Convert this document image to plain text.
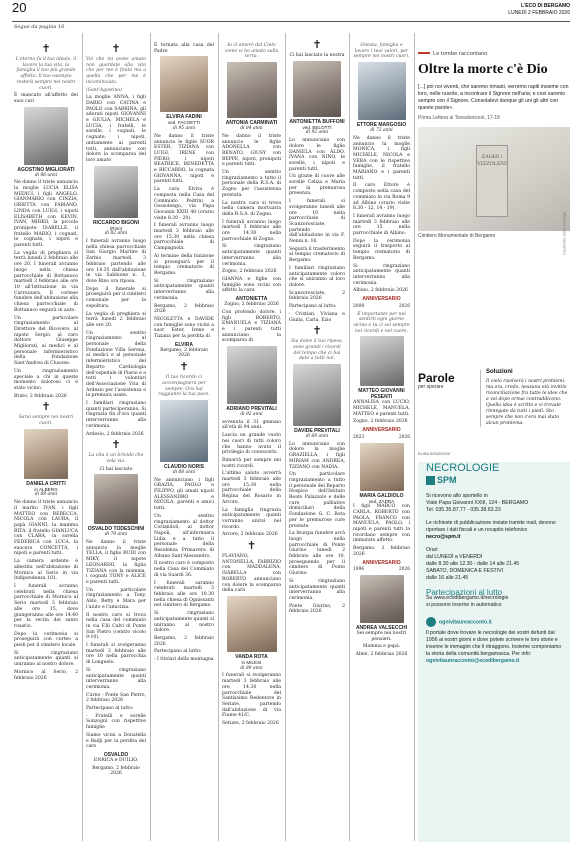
20	L'ECO DI BERGAMO
LUNEDÌ 2 FEBBRAIO 2026
Segue da pagina 16
✝

L'eterno fu il tuo ideale, il lavoro la tua vita, la famiglia il tuo più grande affetto. Il tuo esempio resterà sempre nei nostri cuori.

È mancato all'affetto dei suoi cari

AGOSTINO MIGLIORATI
di 86 anni

Ne danno il triste annuncio la moglie LUCIA ELISA MEDICI, i figli ANGELO, GIANMARIO con CINZIA, ORIETTA con FABIANO, LINDA con LUIGI, i nipoti ELISABETH con KEVIN, IVAN, MIRKO, la piccola pronipote ISABELLE, il fratello MARIO, i cognati, le cognate, i nipoti e parenti tutti.

La veglia di preghiera si terrà lunedì 2 febbraio alle ore 20. I funerali avranno luogo nella chiesa parrocchiale di Bottanuco martedì 3 febbraio alle ore 10 all'Istituzione in via Carrozzara. Il cortese funebre dell'abitazione alla chiesa parrocchiale di Bottanuco seguirà in auto.

Un particolare ringraziamento al Direttore del Ricovero, al nipote Sergio, al caro dottore Giuseppe Migliorati, ai medici e al personale infermieristico della Fondazione Sant'Andrea di Clusone.

Un ringraziamento speciale a chi in queste momento doloroso ci è stato vicino.

Brato, 2 febbraio 2026

✝

Sarai sempre nei nostri cuori.

DANIELA CRITTI
in ALBERO
di 69 anni

Ne danno il triste annuncio il marito IVAN, i figli MATTEO con REBECCA, NICOLA con LAURA, il papà GIANNI, la mamma RITA, il fratello GIANLUCA con CLARA, la sorella FEDERICA con LUCA, la suocera CONCETTA, i nipoti e parenti tutti.

La camera ardente è allestita nell'abitazione di Mornico al Serio in via Indipendenza 101.

I funerali avranno celebrati nella chiesa parrocchiale di Mornico al Serio martedì 3 febbraio alle ore 15, dove giungeranno alle ore 14.40 per la recita del santo rosario.

Dopo la cerimonia si proseguirà con corteo a piedi per il cimitero locale.

Si ringraziano anticipatamente quanti si uniranno al nostro dolore.

Mornico al Serio, 2 febbraio 2026

✝

Voi che mi avete amato non guardate alla vita che per me è finita ma a quella che per me è incominciata.

(Sant'Agostino)

La moglie ANNA, i figli DARIO con CATINA e PAOLO con SABRINA, gli adorati nipoti GIOVANNI e GIULIA, MICHELA e LUCIA, i fratelli, le sorelle, i cognati, le cognate, i nipoti, unitamente ai parenti tutti, annunciano con dolore la scomparsa del loro amato

RICCARDO BIGONI
(Rino)
di 82 anni

I funerali avranno luogo nella chiesa parrocchiale San Giorgio Martire di Zerbio martedì 3 febbraio partendo alle ore 14.35 dall'abitazione in via Sabbione n. 3, dove Rino ora riposa.

Dopo il funerale si proseguirà per il cimitero comunale per la sepoltura.

La veglia di preghiera si terrà lunedì 2 febbraio alle ore 20.

Un sentito ringraziamento al personale della Fondazione Villa Serena, ai medici e al personale infermieristico del Reparto Cardiologia dell'ospedale di Piario e a tutti i volontari dell'Associazione Vita di Ardesio per l'assistenza e la premura usate.

I familiari ringraziano quanti parteciperanno. Si ringrazia fin d'ora quanti interverranno alla cerimonia.

Ardesio, 2 febbraio 2026

✝

La vita è un brivido che vola via.

Ci hai lasciato

OSVALDO TODESCHINI
di 79 anni

Ne danno il triste annuncio la moglie TELLA, il figlio RUDI con MIKY, il nipote LEONARDO, la figlia TIZIANA con la mamma, i cognati TONY e ALICE e parenti tutti.

Un particolare ringraziamento a Tony, Aldo, Betty e Mara per l'aiuto e l'amicizia.

Il nostro caro si trova nella casa del commiato in via F.lli Calvi di Ponte San Pietro (centro vicolo 9-10).

I funerali si svolgeranno martedì 3 febbraio alle ore 10 nella parrocchia di Longuelo.

Si ringraziano anticipatamente quanti interverranno alla cerimonia.

Curno - Ponte San Pietro, 2 febbraio 2026

Partecipano al lutto:

- Fratelli e sorelle Sonzogni con rispettive famiglie

Siamo vicini a Donatella e Badji per la perdita del caro

OSVALDO

ENRICA e DUILIO.

Bergamo, 2 febbraio 2026

È tornata alla casa del Padre

ELVIRA FADINI
ved. FACOETTI
di 95 anni

Ne danno il triste annuncio le figlie SUOR ESTER, TIZIANA con LUIGI, IRENE con PIERO, i nipoti BEATRICE, BENEDETTA e RICCARDO, la cognata GIOVANNA, nipoti e parenti tutti.

La cara Elvira è composta nella Casa del Commiato Pedrini a Gossolengo, via Papa Giovanni XXIII 40 (orario visite 8.30 - 20).

I funerali avranno luogo martedì 3 febbraio alle ore 15.30 nella chiesa parrocchiale di Campagnola.

Al termine della funzione si proseguirà per il tempio crematorio di Bergamo.

Si ringraziano anticipatamente quanti interverranno alla cerimonia.

Bergamo, 2 febbraio 2026

NICOLETTA e DAVIDE con famiglie sono vicini a suor Ester, Irene e Tiziana per la perdita di

ELVIRA

Bergamo, 2 febbraio 2026

✝

Il tuo ricordo ci accompagnerà per sempre. Ora hai raggiunto la tua pace.

CLAUDIO NORIS
di 88 anni

Ne annunciano i figli GRAZIA, PAOLO e FILIPPO, gli amati nipoti ALESSANDRO e NICOLA, parenti e amici tutti.

Un sentito ringraziamento al dottor Coriandoli, al dottor Napoli, all'infermiera Lidia e a tutto il personale della Residenza Primavera di Albano Sant'Alessandro.

Il nostro caro è composto nella Casa del Commiato di via Suardi 36.

I funerali saranno celebrati martedì 3 febbraio alle ore 10.30 nella chiesa di Ognissanti nel cimitero di Bergamo.

Si ringraziano anticipatamente quanti si uniranno al nostro dolore.

Bergamo, 2 febbraio 2026

Partecipano al lutto:

- I titolari della montagna

Io ci amerò dal Cielo come vi ho amato sulla terra.

ANTONIA CARMINATI
di 84 anni

Ne danno il triste annuncio le figlie ADONELLA con RENATO, GIUSY con BEPPE, nipoti, pronipoti e parenti tutti.

Un sentito ringraziamento a tutto il personale della R.S.A. di Zogno per l'assistenza prestata.

La nostra cara si trova nella camera mortuaria della R.S.A. di Zogno.

I funerali avranno luogo martedì 3 febbraio alle ore 14.30 nella parrocchiale di Zogno.

Si ringraziano anticipatamente quanti interverranno alla cerimonia.

Zogno, 2 febbraio 2026

GIANNA e figlie con famiglie sono vicini con affetto la cara

ANTONIETTA

Zogno, 2 febbraio 2026

Con profondo dolore, i figli ROBERTO, EMANUELA e TIZIANA e i parenti tutti annunciano la scomparsa di

ADRIANO PREVITALI
di 92 anni

avvenuta il 31 gennaio all'età di 94 anni.

Lascia un grande vuoto nei cuori di tutti coloro che hanno avuto il privilegio di conoscerlo.

Rimarrà per sempre nei nostri ricordi.

L'ultimo saluto avverrà martedì 3 febbraio alle ore 15.30 nella parrocchiale della Regina del Rosario in Arcore.

La famiglia ringrazia anticipatamente quanti vorranno unirsi nel ricordo.

Arcore, 2 febbraio 2026

✝

FLAVIANO, ANTONELLA, FABRIZIO con MADDALENA, ISABELLA con ROBERTO annunciano con dolore la scomparsa della cara

VANDA ROTA
in MILESI
di 89 anni

I funerali si svolgeranno martedì 3 febbraio alle ore 14.30 nella parrocchiale del Santissimo Redentore in Seriate, partendo dall'abitazione di via Fiume 41/C.

Seriate, 2 febbraio 2026

✝

Ci hai lasciato la nostra

ANTONIETTA BUFFONI
ved. BELOTTI
di 92 anni

Lo annunciano con dolore le figlie DANIELA con ALDO, IVANA con NINO, le sorelle, i nipoti e parenti tutti.

Un grazie di cuore alle sorelle Celiza e Maria per la premurosa presenza.

I funerali si svolgeranno lunedì alle ore 10 nella parrocchiale di Scanzorosciate, partendo dall'abitazione in via F. Nenni n. 16.

Seguirà il trasferimento al tempio crematorio di Bergamo.

I familiari ringraziano anticipatamente coloro che si uniranno al loro dolore.

Scanzorosciate, 2 febbraio 2026

Partecipano al lutto:

- Cristian, Viviana e Giulia, Carla, Ezio

✝

Sia dolce il tuo ripeso, sono grandi i ricordi del tempo che ci hai dato a tutti noi.

DAVIDE PREVITALI
di 69 anni

Lo annunciano con dolore la moglie GRAZIELLA, i figli MIRIAM con ANDREA, TIZIANO con NADIA.

Un particolare ringraziamento a tutto il personale del Reparto Hospice dell'Istituto Beato Palazzolo e delle cure palliative domiciliari della Fondazione G. C. Rota per le premurose cure prestate.

La liturgia funebre avrà luogo nella parrocchiale di Ponte Giurino lunedì 2 febbraio alle ore 10, proseguendo per il cimitero di Ponte Giurino.

Si ringraziano anticipatamente quanti interverranno alla cerimonia.

Ponte Giurino, 2 febbraio 2026

Onesta, famiglia e lavoro i tuoi valori, per sempre nei nostri cuori.

ETTORE MARGOSIO
di 72 anni

Ne danno il triste annuncio la moglie MONICA, i figli MICHELE, NICOLA e VERA con le rispettive famiglie, il fratello MARIANO e i parenti tutti.

Il caro Ettore è composto nella casa del commiato in via Roma 9 ad Albino (orario visite 8.30 - 12, 14 - 19).

I funerali avranno luogo martedì 3 febbraio alle ore 15 nella parrocchiale di Albino.

Dopo la cerimonia seguirà il trasporto al tempio crematorio di Bergamo.

Si ringraziano anticipatamente quanti interverranno alla cerimonia.

Albino, 2 febbraio 2026

ANNIVERSARIO
2008	2026

È importante per noi sentirti ogni giorno vicino e tu ci sei sempre nei ricordi e nel cuore.

MATTEO GIOVANNI PESENTI

ANNALISA con LUCIO, MICHELE, MANUELA, MATTEO e parenti tutti.

Zogno, 2 febbraio 2026

ANNIVERSARIO
2023	2026
MARIA GALDIOLO
ved. ZADRA

I figli MARCO con CARLA, ROBERTO con PAOLA, FRANCO con MANUELA, PAOLO, i nipoti e parenti tutti la ricordano sempre con immutato affetto.

Bergamo, 2 febbraio 2026

ANNIVERSARIO
1996	2026
ANDREA VALSECCHI

Sei sempre nei nostri pensieri.

Mamma e papà.

Almè, 2 febbraio 2026

Le tombe raccontano
Oltre la morte c'è Dio
[...] poi noi viventi, che saremo rimasti, verremo rapiti insieme con loro, nelle nuvole, a incontrare il Signore nell'aria; e così saremo sempre con il Signore. Consolatevi dunque gli uni gli altri con queste parole».
Prima Lettera ai Tessalonicesi, 17-18
ZAGHI / VIZZOLENI
Crediti foto: Elisa Sonzogni
Cimitero Monumentale di Bergamo
Parole
per sperare
ELISA SONZOGNI
Soluzioni
Il cielo risolverà i nostri problemi; ma ora, credo, nessuna età invitile riconciliazione fra tutte le idee che a voi dopo ormai contraddicono. Quella idea è scritto e vi trovate rinnegate da tutti i piedi. Sto sempre che non c'era mai stato alcun problema.
NECROLOGIE
SPM
Si ricevono allo sportello in
Viale Papa Giovanni XXIII, 124 - BERGAMO
Tel. 035.35.87.77 - 035.38.63.33
Le richieste di pubblicazione inviate tramite mail, devono riportare i dati fiscali e un recapito telefonico
necro@spm.it
Orari
dal LUNEDÌ a VENERDÌ
dalle 8.30 alle 12.30 - dalle 14 alle 21.45
SABATO, DOMENICA E FESTIVI
dalle 16 alle 21.45
Partecipazioni al lutto
Su www.ecodibergamo.it/necrologie
si possono inserire in automatico
ognivitaunracconto.it
Il portale dove trovare le necrologie dei vostri defunti dal 1956 ai nostri giorni e dove potete scrivere le loro storie e inserire le immagini che li ritraggono. Insieme componiamo la storia della comunità bergamasca. Per info:
ognivitaunracconto@ecodibergamo.it
